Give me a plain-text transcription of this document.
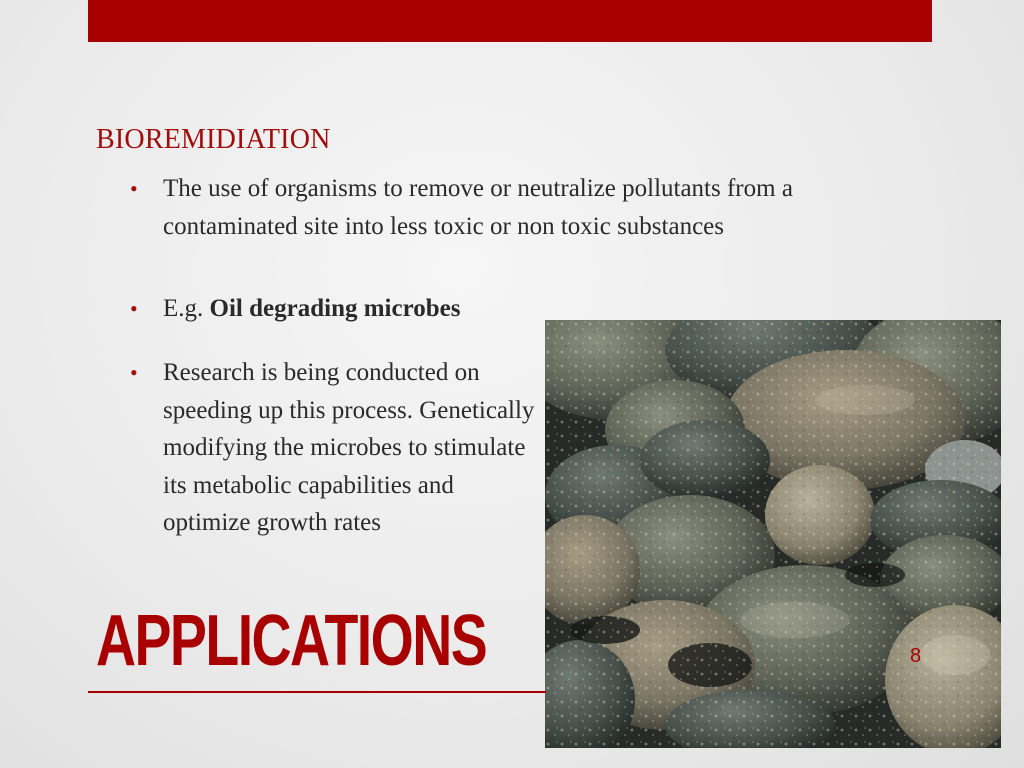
BIOREMIDIATION
• The use of organisms to remove or neutralize pollutants from a contaminated site into less toxic or non toxic substances
• E.g. Oil degrading microbes
• Research is being conducted on speeding up this process. Genetically modifying the microbes to stimulate its metabolic capabilities and optimize growth rates
APPLICATIONS	8
